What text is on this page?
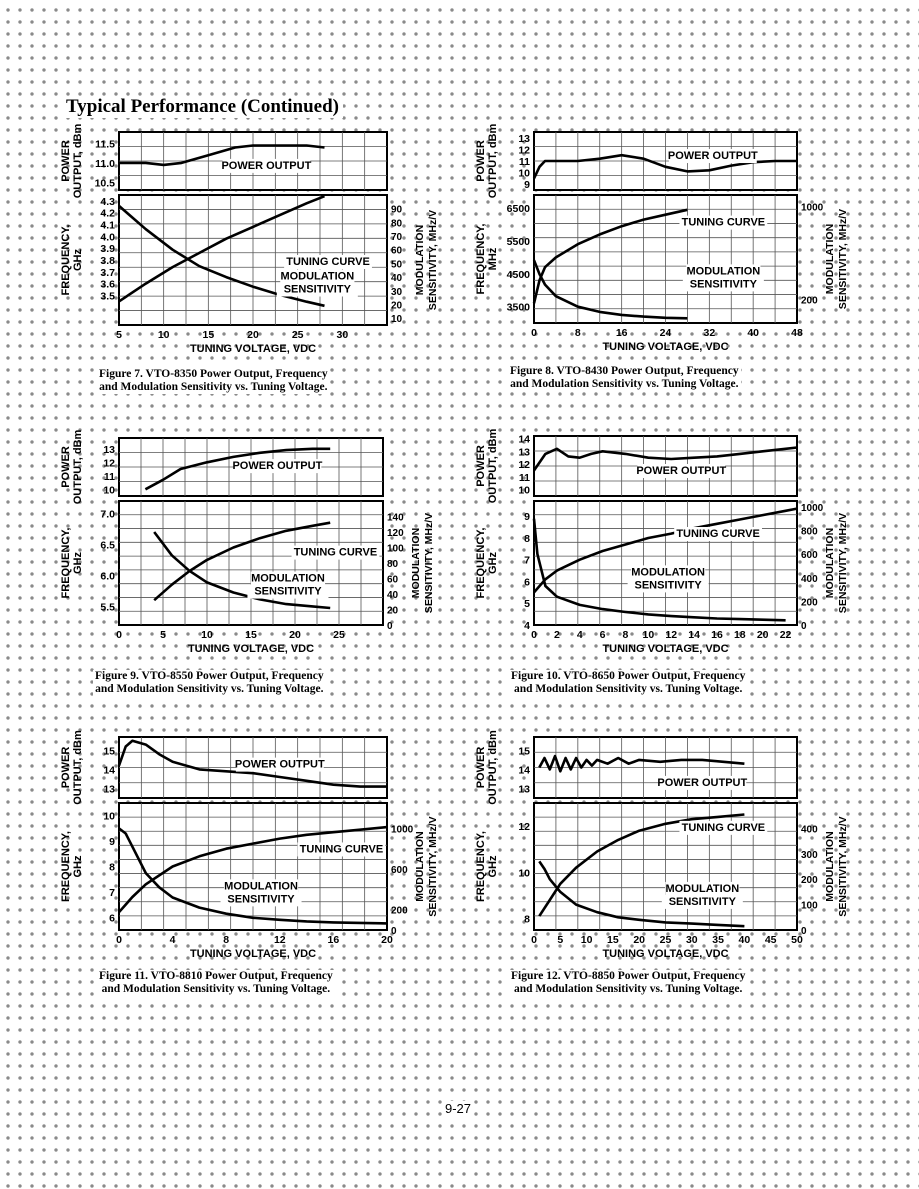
Typical Performance (Continued)
POWER OUTPUT
TUNING CURVE
MODULATION
SENSITIVITY
11.5
11.0
10.5
4.3
4.2
4.1
4.0
3.9
3.8
3.7
3.6
3.5
90
80
70
60
50
40
30
20
10
5	10	15	20	25	30
TUNING VOLTAGE, VDC
POWER OUTPUT, dBm
FREQUENCY, GHz	MODULATION SENSITIVITY, MHz/V
POWER OUTPUT
TUNING CURVE
MODULATION
SENSITIVITY
13
12
11
10
9
6500
5500
4500
3500
1000
200
0	8	16	24	32	40	48
TUNING VOLTAGE, VDC
POWER OUTPUT, dBm
FREQUENCY, MHz	MODULATION SENSITIVITY, MHz/V
POWER OUTPUT
TUNING CURVE
MODULATION
SENSITIVITY
13
12
11
10
7.0
6.5
6.0
5.5
140
120
100
80
60
40
20
0
0	5	10	15	20	25
TUNING VOLTAGE, VDC
POWER OUTPUT, dBm
FREQUENCY, GHz	MODULATION SENSITIVITY, MHz/V
POWER OUTPUT
TUNING CURVE
MODULATION
SENSITIVITY
14
13
12
11
10
9
8
7
6
5
4
1000
800
600
400
200
0
0 2 4 6 8 10 12 14 16 18 20 22
TUNING VOLTAGE, VDC
POWER OUTPUT, dBm
FREQUENCY, GHz	MODULATION SENSITIVITY, MHz/V
POWER OUTPUT
TUNING CURVE
MODULATION
SENSITIVITY
15
14
13
10
9
8
7
6
1000
600
200
0
0	4	8	12	16	20
TUNING VOLTAGE, VDC
POWER OUTPUT, dBm
FREQUENCY, GHz	MODULATION SENSITIVITY, MHz/V
POWER OUTPUT
TUNING CURVE
MODULATION
SENSITIVITY
15
14
13
12
10
8
400
300
200
100
0
0 5 10 15 20 25 30 35 40 45 50
TUNING VOLTAGE, VDC
POWER OUTPUT, dBm
FREQUENCY, GHz	MODULATION SENSITIVITY, MHz/V
Figure 7. VTO-8350 Power Output, Frequency
and Modulation Sensitivity vs. Tuning Voltage.
Figure 8. VTO-8430 Power Output, Frequency
and Modulation Sensitivity vs. Tuning Voltage.
Figure 9. VTO-8550 Power Output, Frequency
and Modulation Sensitivity vs. Tuning Voltage.
Figure 10. VTO-8650 Power Output, Frequency
and Modulation Sensitivity vs. Tuning Voltage.
Figure 11. VTO-8810 Power Output, Frequency
and Modulation Sensitivity vs. Tuning Voltage.
Figure 12. VTO-8850 Power Output, Frequency
and Modulation Sensitivity vs. Tuning Voltage.
9-27
